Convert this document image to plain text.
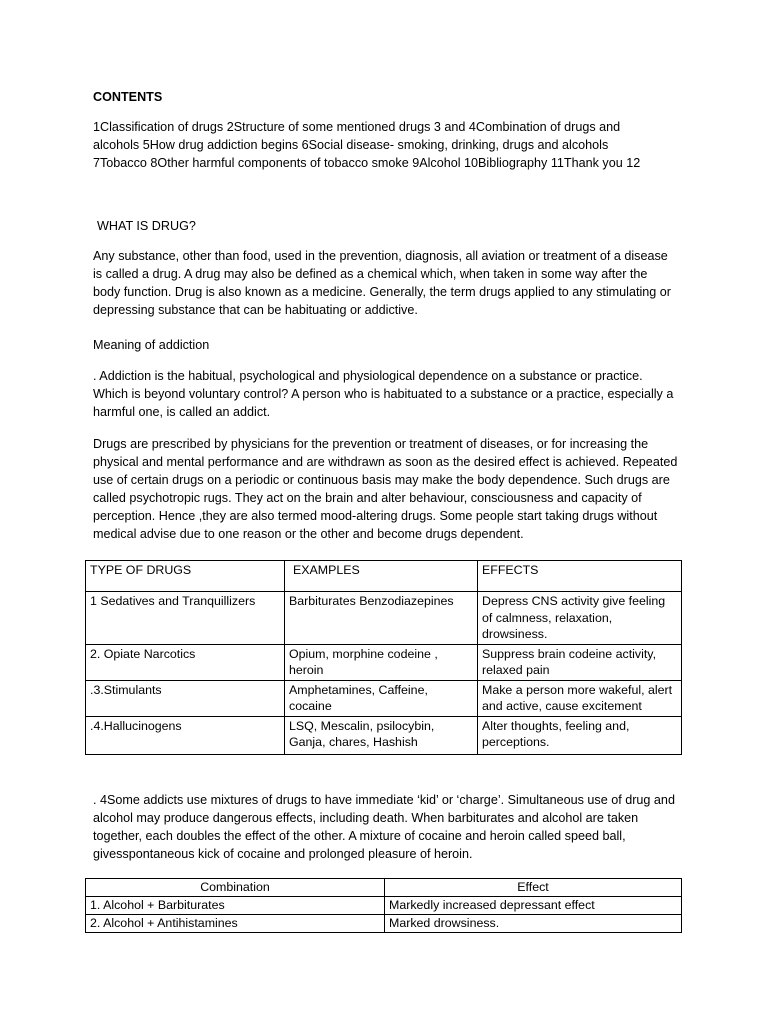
CONTENTS

1Classification of drugs 2Structure of some mentioned drugs 3 and 4Combination of drugs and
alcohols 5How drug addiction begins 6Social disease- smoking, drinking, drugs and alcohols
7Tobacco 8Other harmful components of tobacco smoke 9Alcohol 10Bibliography 11Thank you 12

WHAT IS DRUG?

Any substance, other than food, used in the prevention, diagnosis, all aviation or treatment of a disease is called a drug. A drug may also be defined as a chemical which, when taken in some way after the body function. Drug is also known as a medicine. Generally, the term drugs applied to any stimulating or depressing substance that can be habituating or addictive.

Meaning of addiction

. Addiction is the habitual, psychological and physiological dependence on a substance or practice. Which is beyond voluntary control? A person who is habituated to a substance or a practice, especially a harmful one, is called an addict.

Drugs are prescribed by physicians for the prevention or treatment of diseases, or for increasing the physical and mental performance and are withdrawn as soon as the desired effect is achieved. Repeated use of certain drugs on a periodic or continuous basis may make the body dependence. Such drugs are called psychotropic rugs. They act on the brain and alter behaviour, consciousness and capacity of perception. Hence ,they are also termed mood-altering drugs. Some people start taking drugs without medical advise due to one reason or the other and become drugs dependent.

TYPE OF DRUGS	EXAMPLES	EFFECTS
1 Sedatives and Tranquillizers	Barbiturates Benzodiazepines	Depress CNS activity give feeling of calmness, relaxation, drowsiness.
2. Opiate Narcotics	Opium, morphine codeine , heroin	Suppress brain codeine activity, relaxed pain
.3.Stimulants	Amphetamines, Caffeine, cocaine	Make a person more wakeful, alert and active, cause excitement
.4.Hallucinogens	LSQ, Mescalin, psilocybin, Ganja, chares, Hashish	Alter thoughts, feeling and, perceptions.

. 4Some addicts use mixtures of drugs to have immediate ‘kid’ or ‘charge’. Simultaneous use of drug and alcohol may produce dangerous effects, including death. When barbiturates and alcohol are taken together, each doubles the effect of the other. A mixture of cocaine and heroin called speed ball, givesspontaneous kick of cocaine and prolonged pleasure of heroin.

Combination	Effect
1. Alcohol + Barbiturates	Markedly increased depressant effect
2. Alcohol + Antihistamines	Marked drowsiness.
